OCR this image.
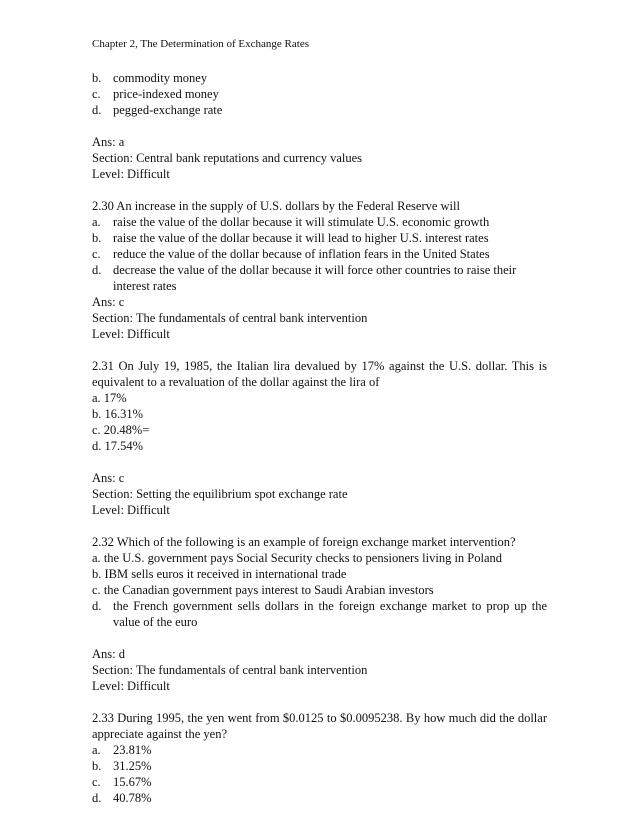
Chapter 2, The Determination of Exchange Rates
b. commodity money
c. price-indexed money
d. pegged-exchange rate
Ans: a
Section: Central bank reputations and currency values
Level: Difficult
2.30 An increase in the supply of U.S. dollars by the Federal Reserve will
a. raise the value of the dollar because it will stimulate U.S. economic growth
b. raise the value of the dollar because it will lead to higher U.S. interest rates
c. reduce the value of the dollar because of inflation fears in the United States
d. decrease the value of the dollar because it will force other countries to raise their interest rates
Ans: c
Section: The fundamentals of central bank intervention
Level: Difficult
2.31 On July 19, 1985, the Italian lira devalued by 17% against the U.S. dollar. This is equivalent to a revaluation of the dollar against the lira of
a. 17%
b. 16.31%
c. 20.48%=
d. 17.54%
Ans: c
Section: Setting the equilibrium spot exchange rate
Level: Difficult
2.32 Which of the following is an example of foreign exchange market intervention?
a. the U.S. government pays Social Security checks to pensioners living in Poland
b. IBM sells euros it received in international trade
c. the Canadian government pays interest to Saudi Arabian investors
d. the French government sells dollars in the foreign exchange market to prop up the value of the euro
Ans: d
Section: The fundamentals of central bank intervention
Level: Difficult
2.33 During 1995, the yen went from $0.0125 to $0.0095238. By how much did the dollar appreciate against the yen?
a. 23.81%
b. 31.25%
c. 15.67%
d. 40.78%
